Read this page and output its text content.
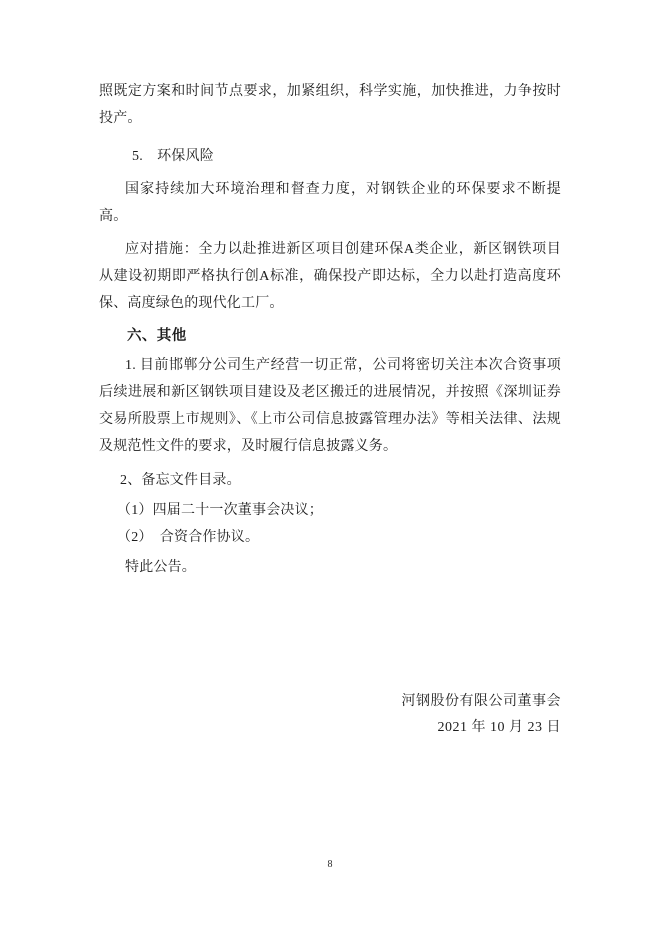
照既定方案和时间节点要求，加紧组织，科学实施，加快推进，力争按时投产。

5.　环保风险

国家持续加大环境治理和督查力度，对钢铁企业的环保要求不断提高。

应对措施：全力以赴推进新区项目创建环保A类企业，新区钢铁项目从建设初期即严格执行创A标准，确保投产即达标，全力以赴打造高度环保、高度绿色的现代化工厂。

六、其他

1. 目前邯郸分公司生产经营一切正常，公司将密切关注本次合资事项后续进展和新区钢铁项目建设及老区搬迁的进展情况，并按照《深圳证券交易所股票上市规则》、《上市公司信息披露管理办法》等相关法律、法规及规范性文件的要求，及时履行信息披露义务。

2、备忘文件目录。

（1）四届二十一次董事会决议；

（2）　合资合作协议。

特此公告。

河钢股份有限公司董事会

2021 年 10 月 23 日

8
